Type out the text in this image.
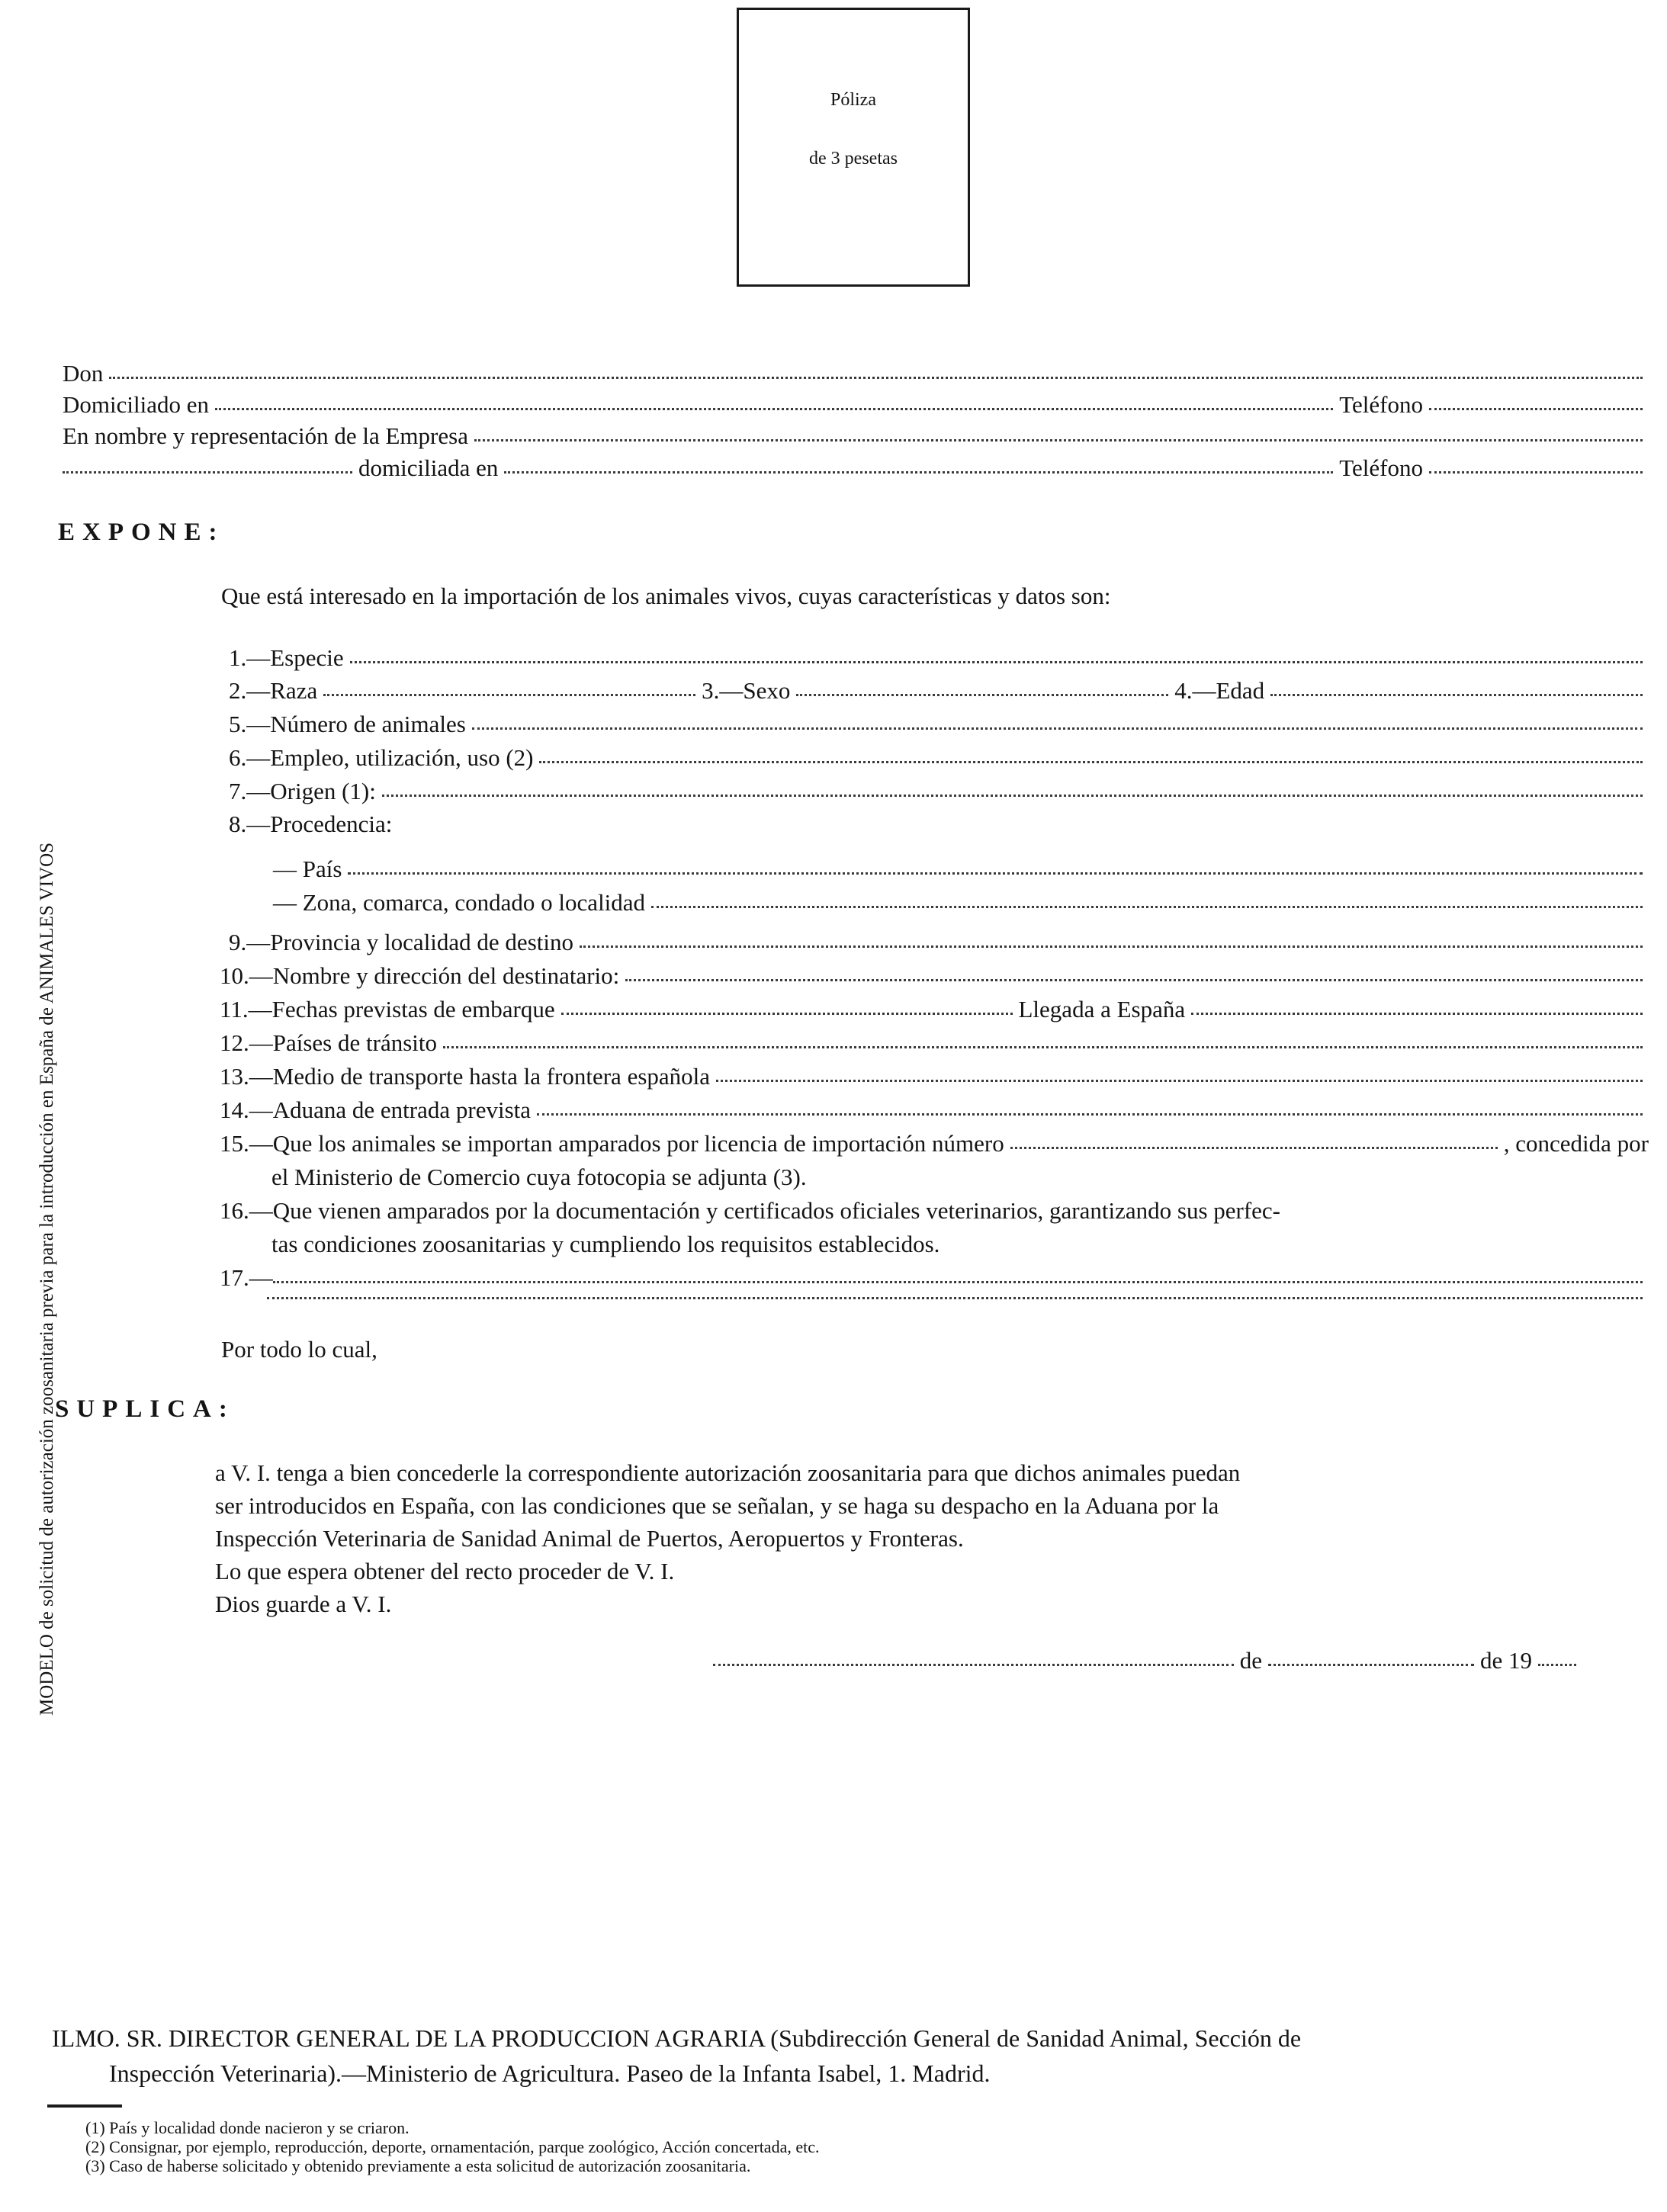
Póliza
de 3 pesetas
MODELO de solicitud de autorización zoosanitaria previa para la introducción en España de ANIMALES VIVOS
Don
Domiciliado en	Teléfono
En nombre y representación de la Empresa
domiciliada en	Teléfono
EXPONE:
Que está interesado en la importación de los animales vivos, cuyas características y datos son:
1.—Especie
2.—Raza	3.—Sexo	4.—Edad
5.—Número de animales
6.—Empleo, utilización, uso (2)
7.—Origen (1):
8.—Procedencia:
— País
— Zona, comarca, condado o localidad
9.—Provincia y localidad de destino
10.—Nombre y dirección del destinatario:
11.—Fechas previstas de embarque	Llegada a España
12.—Países de tránsito
13.—Medio de transporte hasta la frontera española
14.—Aduana de entrada prevista
15.—Que los animales se importan amparados por licencia de importación número	, concedida por
el Ministerio de Comercio cuya fotocopia se adjunta (3).
16.—Que vienen amparados por la documentación y certificados oficiales veterinarios, garantizando sus perfec-
tas condiciones zoosanitarias y cumpliendo los requisitos establecidos.
17.—
Por todo lo cual,
SUPLICA:
a V. I. tenga a bien concederle la correspondiente autorización zoosanitaria para que dichos animales puedan
ser introducidos en España, con las condiciones que se señalan, y se haga su despacho en la Aduana por la
Inspección Veterinaria de Sanidad Animal de Puertos, Aeropuertos y Fronteras.
Lo que espera obtener del recto proceder de V. I.
Dios guarde a V. I.
de	de 19
ILMO. SR. DIRECTOR GENERAL DE LA PRODUCCION AGRARIA (Subdirección General de Sanidad Animal, Sección de
Inspección Veterinaria).—Ministerio de Agricultura. Paseo de la Infanta Isabel, 1. Madrid.
(1) País y localidad donde nacieron y se criaron.
(2) Consignar, por ejemplo, reproducción, deporte, ornamentación, parque zoológico, Acción concertada, etc.
(3) Caso de haberse solicitado y obtenido previamente a esta solicitud de autorización zoosanitaria.
